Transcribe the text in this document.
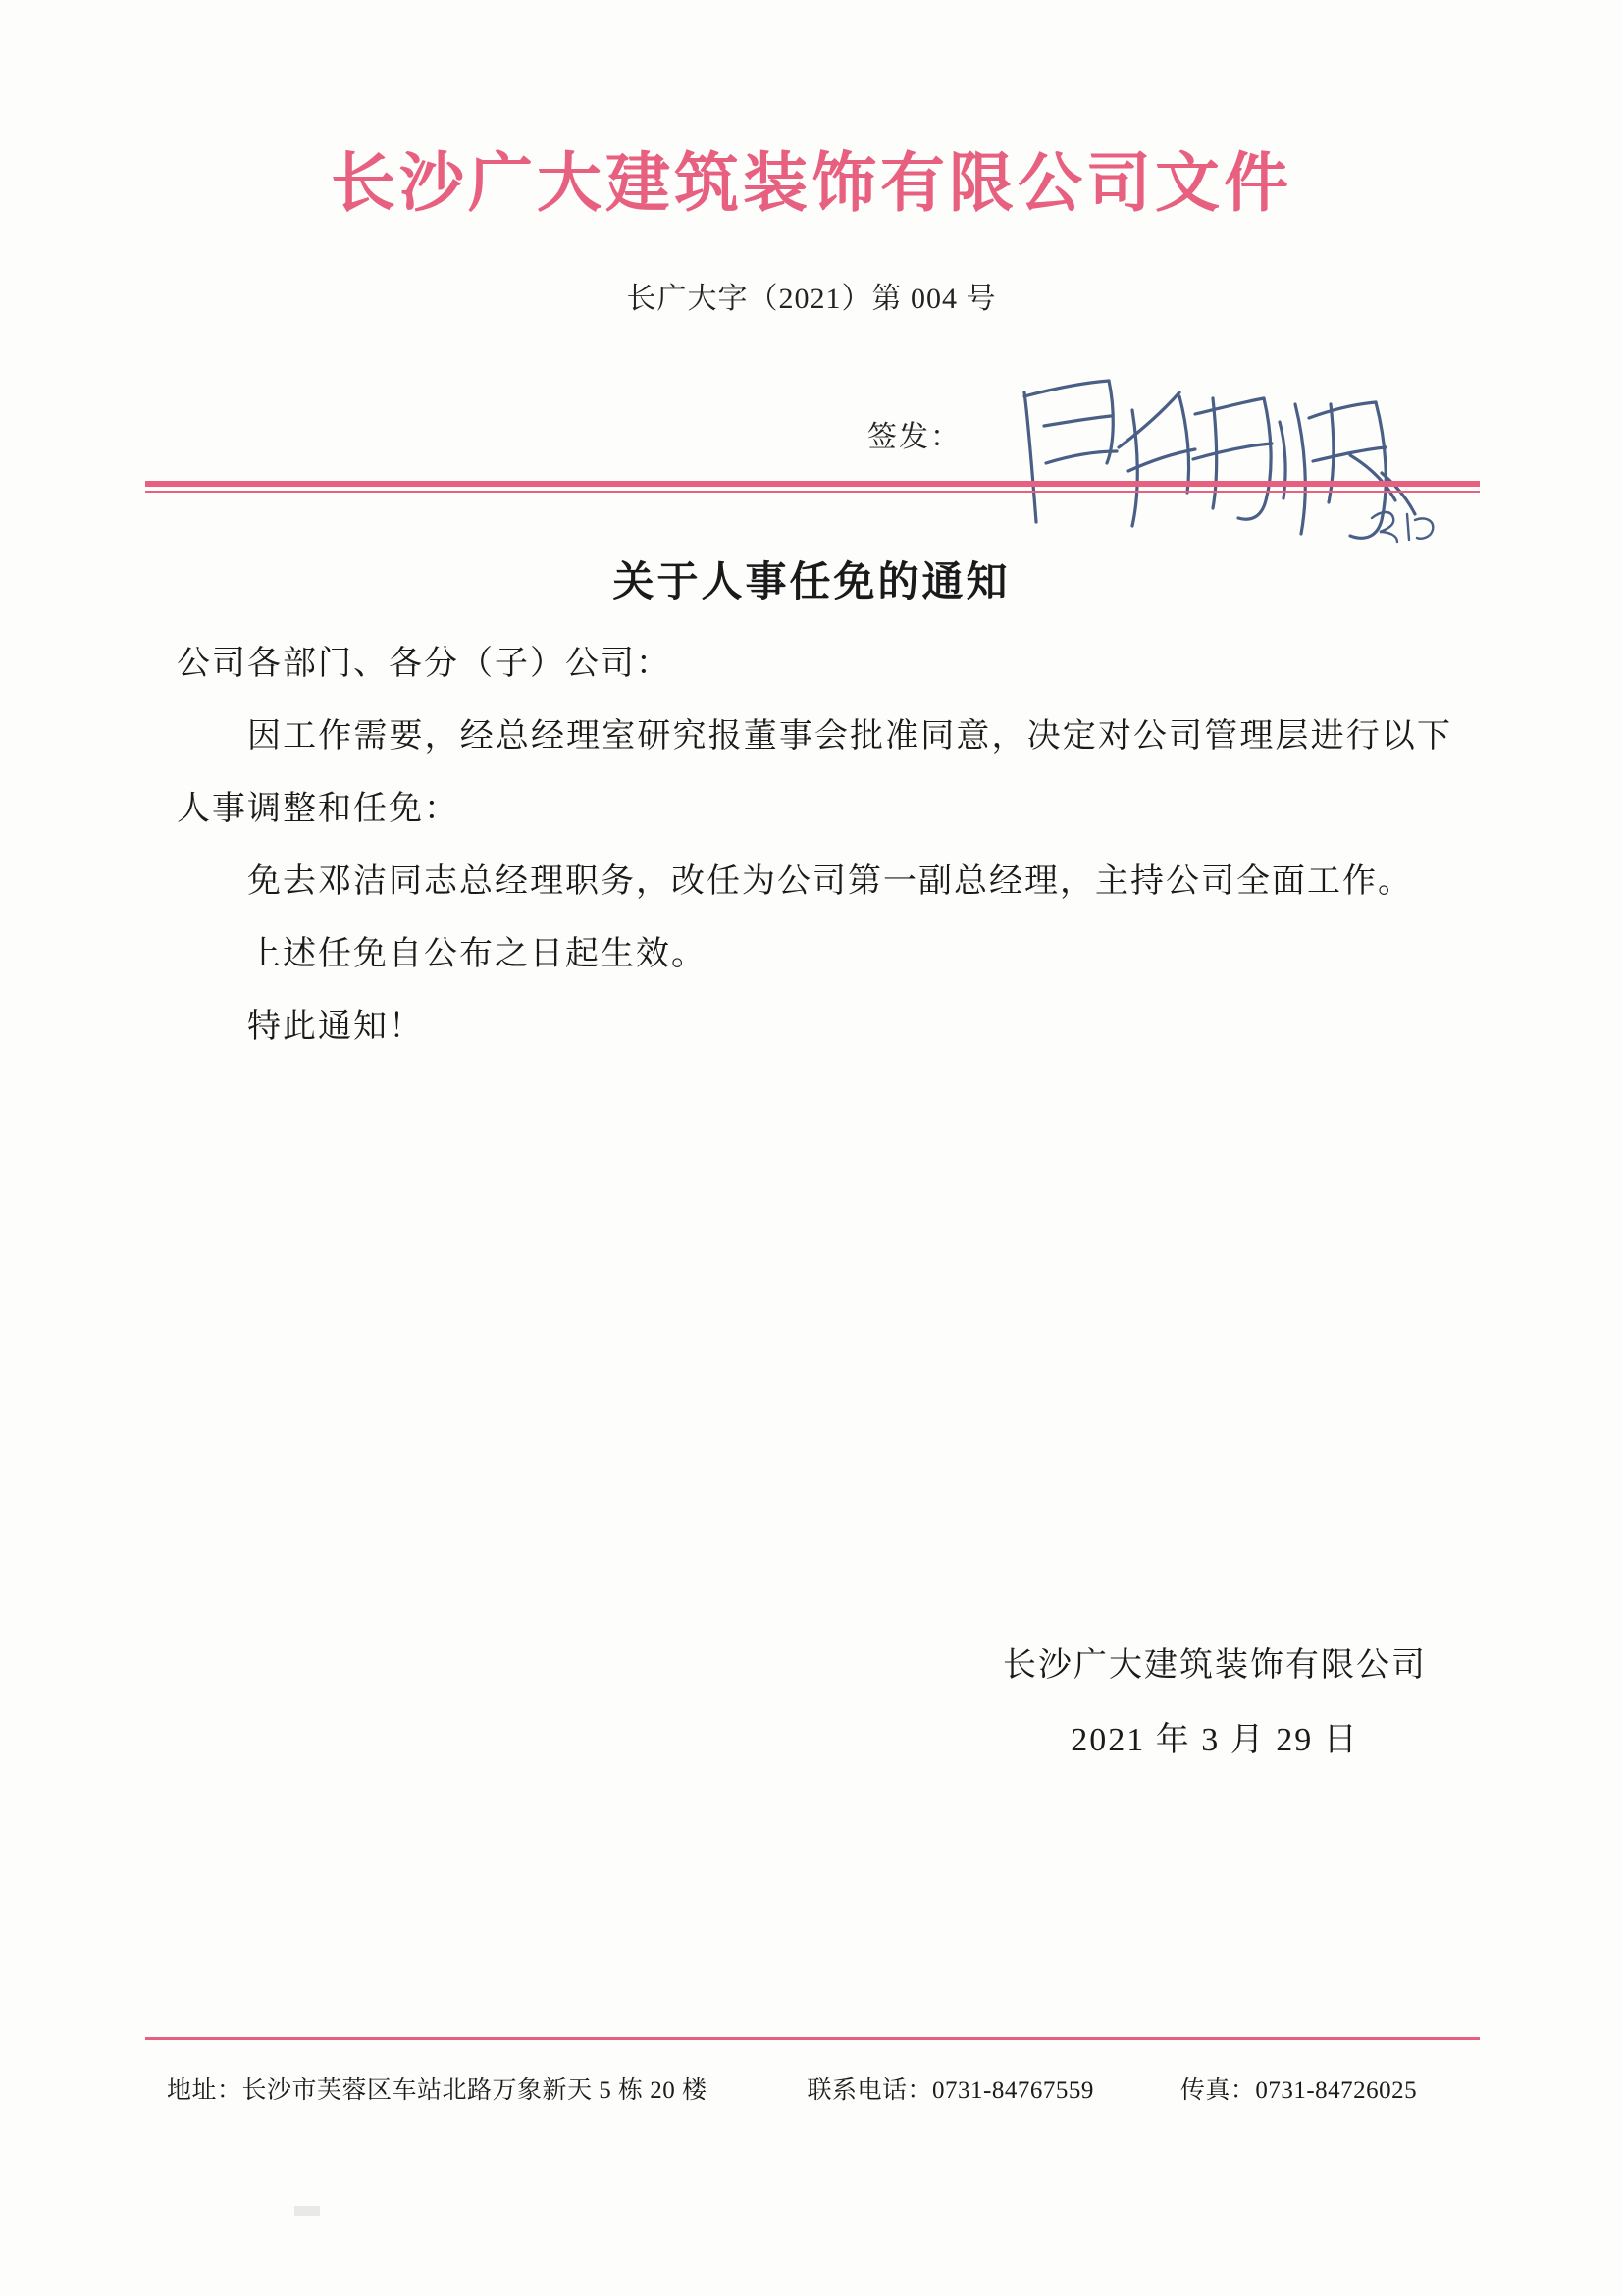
长沙广大建筑装饰有限公司文件
长广大字（2021）第 004 号
签发：
关于人事任免的通知
公司各部门、各分（子）公司：
因工作需要，经总经理室研究报董事会批准同意，决定对公司管理层进行以下人事调整和任免：
免去邓洁同志总经理职务，改任为公司第一副总经理，主持公司全面工作。
上述任免自公布之日起生效。
特此通知！
长沙广大建筑装饰有限公司
2021 年 3 月 29 日
地址：长沙市芙蓉区车站北路万象新天 5 栋 20 楼	联系电话：0731-84767559	传真：0731-84726025
